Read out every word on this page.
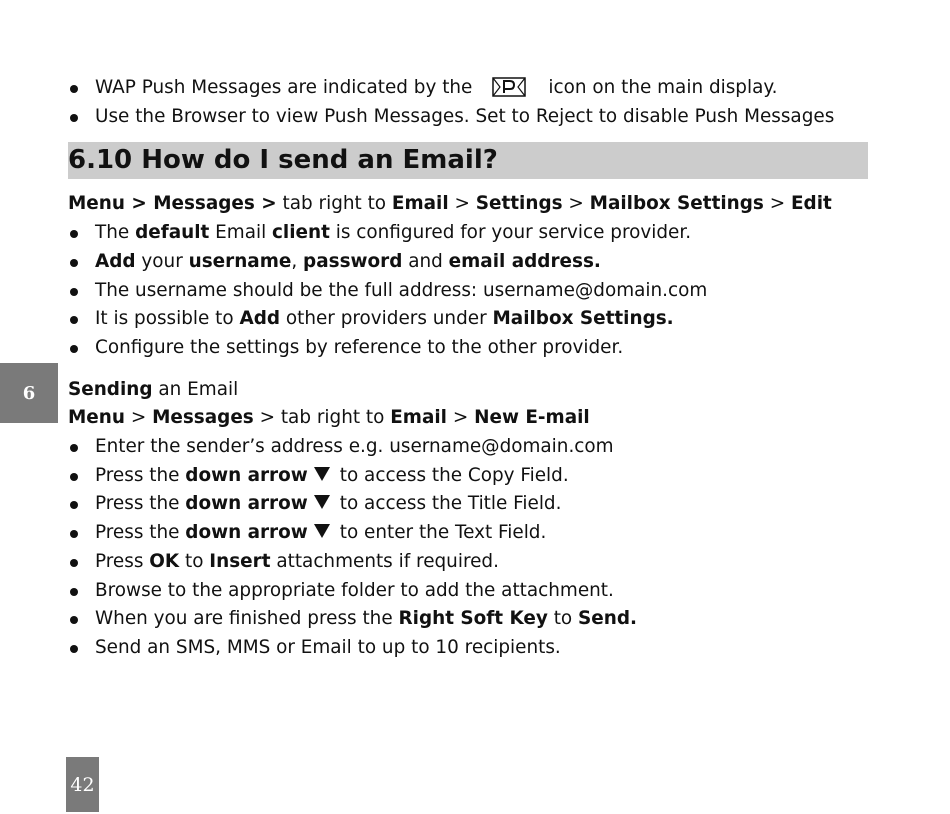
WAP Push Messages are indicated by the	icon on the main display.
Use the Browser to view Push Messages. Set to Reject to disable Push Messages
6.10 How do I send an Email?
Menu > Messages > tab right to Email > Settings > Mailbox Settings > Edit
The default Email client is configured for your service provider.
Add your username, password and email address.
The username should be the full address: username@domain.com
It is possible to Add other providers under Mailbox Settings.
Configure the settings by reference to the other provider.
Sending an Email
Menu > Messages > tab right to Email > New E-mail
Enter the sender’s address e.g. username@domain.com
Press the down arrow to access the Copy Field.
Press the down arrow to access the Title Field.
Press the down arrow to enter the Text Field.
Press OK to Insert attachments if required.
Browse to the appropriate folder to add the attachment.
When you are finished press the Right Soft Key to Send.
Send an SMS, MMS or Email to up to 10 recipients.
6
42
